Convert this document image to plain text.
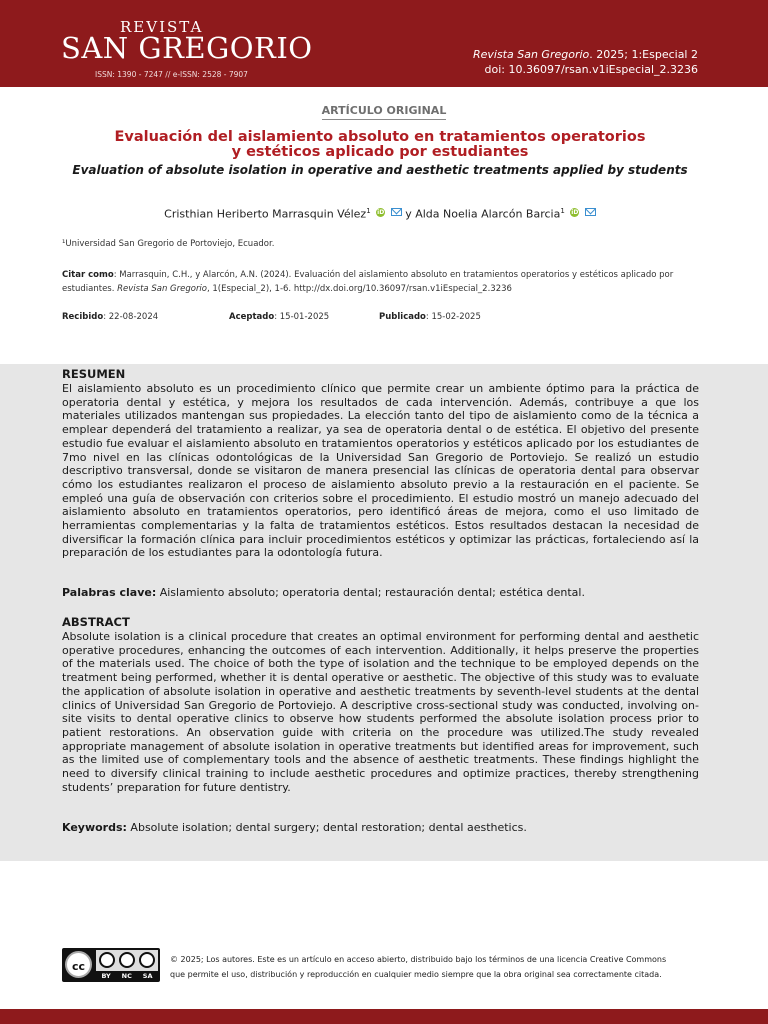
REVISTA
SAN GREGORIO
ISSN: 1390 - 7247 // e-ISSN: 2528 - 7907
Revista San Gregorio. 2025; 1:Especial 2
doi: 10.36097/rsan.v1iEspecial_2.3236
ARTÍCULO ORIGINAL
Evaluación del aislamiento absoluto en tratamientos operatorios
y estéticos aplicado por estudiantes
Evaluation of absolute isolation in operative and aesthetic treatments applied by students
Cristhian Heriberto Marrasquin Vélez$^1$ iD y Alda Noelia Alarcón Barcia$^1$ iD
¹Universidad San Gregorio de Portoviejo, Ecuador.
Citar como: Marrasquin, C.H., y Alarcón, A.N. (2024). Evaluación del aislamiento absoluto en tratamientos operatorios y estéticos aplicado por estudiantes. Revista San Gregorio, 1(Especial_2), 1-6. http://dx.doi.org/10.36097/rsan.v1iEspecial_2.3236
Recibido: 22-08-2024	Aceptado: 15-01-2025	Publicado: 15-02-2025
RESUMEN
El aislamiento absoluto es un procedimiento clínico que permite crear un ambiente óptimo para la práctica de operatoria dental y estética, y mejora los resultados de cada intervención. Además, contribuye a que los materiales utilizados mantengan sus propiedades. La elección tanto del tipo de aislamiento como de la técnica a emplear dependerá del tratamiento a realizar, ya sea de operatoria dental o de estética. El objetivo del presente estudio fue evaluar el aislamiento absoluto en tratamientos operatorios y estéticos aplicado por los estudiantes de 7mo nivel en las clínicas odontológicas de la Universidad San Gregorio de Portoviejo. Se realizó un estudio descriptivo transversal, donde se visitaron de manera presencial las clínicas de operatoria dental para observar cómo los estudiantes realizaron el proceso de aislamiento absoluto previo a la restauración en el paciente. Se empleó una guía de observación con criterios sobre el procedimiento. El estudio mostró un manejo adecuado del aislamiento absoluto en tratamientos operatorios, pero identificó áreas de mejora, como el uso limitado de herramientas complementarias y la falta de tratamientos estéticos. Estos resultados destacan la necesidad de diversificar la formación clínica para incluir procedimientos estéticos y optimizar las prácticas, fortaleciendo así la preparación de los estudiantes para la odontología futura.
Palabras clave: Aislamiento absoluto; operatoria dental; restauración dental; estética dental.
ABSTRACT
Absolute isolation is a clinical procedure that creates an optimal environment for performing dental and aesthetic operative procedures, enhancing the outcomes of each intervention. Additionally, it helps preserve the properties of the materials used. The choice of both the type of isolation and the technique to be employed depends on the treatment being performed, whether it is dental operative or aesthetic. The objective of this study was to evaluate the application of absolute isolation in operative and aesthetic treatments by seventh-level students at the dental clinics of Universidad San Gregorio de Portoviejo. A descriptive cross-sectional study was conducted, involving on-site visits to dental operative clinics to observe how students performed the absolute isolation process prior to patient restorations. An observation guide with criteria on the procedure was utilized.The study revealed appropriate management of absolute isolation in operative treatments but identified areas for improvement, such as the limited use of complementary tools and the absence of aesthetic treatments. These findings highlight the need to diversify clinical training to include aesthetic procedures and optimize practices, thereby strengthening students’ preparation for future dentistry.
Keywords: Absolute isolation; dental surgery; dental restoration; dental aesthetics.
cc
BY NC SA
© 2025; Los autores. Este es un artículo en acceso abierto, distribuido bajo los términos de una licencia Creative Commons
que permite el uso, distribución y reproducción en cualquier medio siempre que la obra original sea correctamente citada.
